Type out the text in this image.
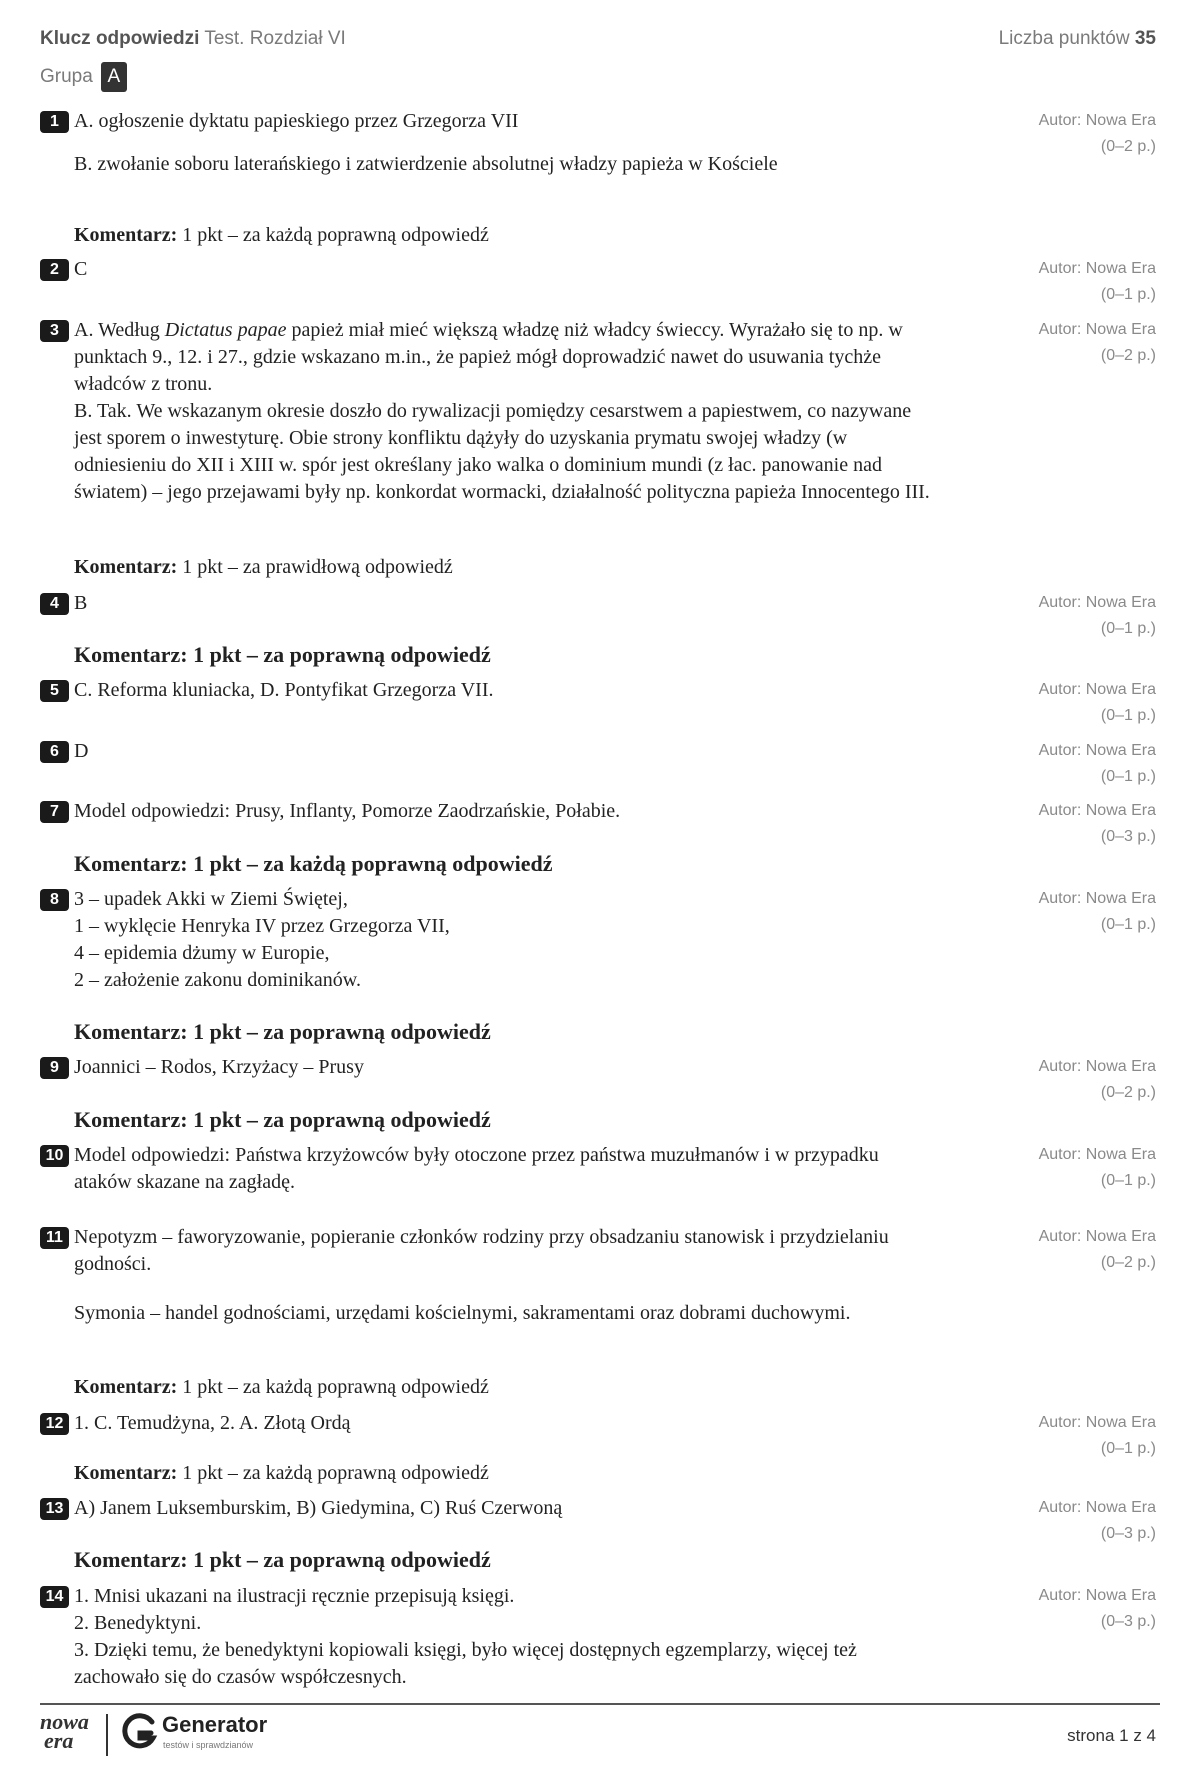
Klucz odpowiedzi Test. Rozdział VI	Liczba punktów 35
Grupa A
1 A. ogłoszenie dyktatu papieskiego przez Grzegorza VII

B. zwołanie soboru laterańskiego i zatwierdzenie absolutnej władzy papieża w Kościele

Autor: Nowa Era
(0–2 p.)
Komentarz: 1 pkt – za każdą poprawną odpowiedź
2 C	Autor: Nowa Era
(0–1 p.)
3 A. Według Dictatus papae papież miał mieć większą władzę niż władcy świeccy. Wyrażało się to np. w punktach 9., 12. i 27., gdzie wskazano m.in., że papież mógł doprowadzić nawet do usuwania tychże władców z tronu.

B. Tak. We wskazanym okresie doszło do rywalizacji pomiędzy cesarstwem a papiestwem, co nazywane jest sporem o inwestyturę. Obie strony konfliktu dążyły do uzyskania prymatu swojej władzy (w odniesieniu do XII i XIII w. spór jest określany jako walka o dominium mundi (z łac. panowanie nad światem) – jego przejawami były np. konkordat wormacki, działalność polityczna papieża Innocentego III.

Autor: Nowa Era
(0–2 p.)
Komentarz: 1 pkt – za prawidłową odpowiedź
4 B	Autor: Nowa Era
(0–1 p.)
Komentarz: 1 pkt – za poprawną odpowiedź
5 C. Reforma kluniacka, D. Pontyfikat Grzegorza VII.	Autor: Nowa Era
(0–1 p.)
6 D	Autor: Nowa Era
(0–1 p.)
7 Model odpowiedzi: Prusy, Inflanty, Pomorze Zaodrzańskie, Połabie.	Autor: Nowa Era
(0–3 p.)
Komentarz: 1 pkt – za każdą poprawną odpowiedź
8 3 – upadek Akki w Ziemi Świętej,

1 – wyklęcie Henryka IV przez Grzegorza VII,

4 – epidemia dżumy w Europie,

2 – założenie zakonu dominikanów.

Autor: Nowa Era
(0–1 p.)
Komentarz: 1 pkt – za poprawną odpowiedź
9 Joannici – Rodos, Krzyżacy – Prusy	Autor: Nowa Era
(0–2 p.)
Komentarz: 1 pkt – za poprawną odpowiedź
10 Model odpowiedzi: Państwa krzyżowców były otoczone przez państwa muzułmanów i w przypadku ataków skazane na zagładę.

Autor: Nowa Era
(0–1 p.)
11 Nepotyzm – faworyzowanie, popieranie członków rodziny przy obsadzaniu stanowisk i przydzielaniu godności.

Symonia – handel godnościami, urzędami kościelnymi, sakramentami oraz dobrami duchowymi.

Autor: Nowa Era
(0–2 p.)
Komentarz: 1 pkt – za każdą poprawną odpowiedź
12 1. C. Temudżyna, 2. A. Złotą Ordą	Autor: Nowa Era
(0–1 p.)
Komentarz: 1 pkt – za każdą poprawną odpowiedź
13 A) Janem Luksemburskim, B) Giedymina, C) Ruś Czerwoną	Autor: Nowa Era
(0–3 p.)
Komentarz: 1 pkt – za poprawną odpowiedź
14 1. Mnisi ukazani na ilustracji ręcznie przepisują księgi.

2. Benedyktyni.

3. Dzięki temu, że benedyktyni kopiowali księgi, było więcej dostępnych egzemplarzy, więcej też zachowało się do czasów współczesnych.

Autor: Nowa Era
(0–3 p.)
nowa
era
Generator
testów i sprawdzianów	strona 1 z 4
